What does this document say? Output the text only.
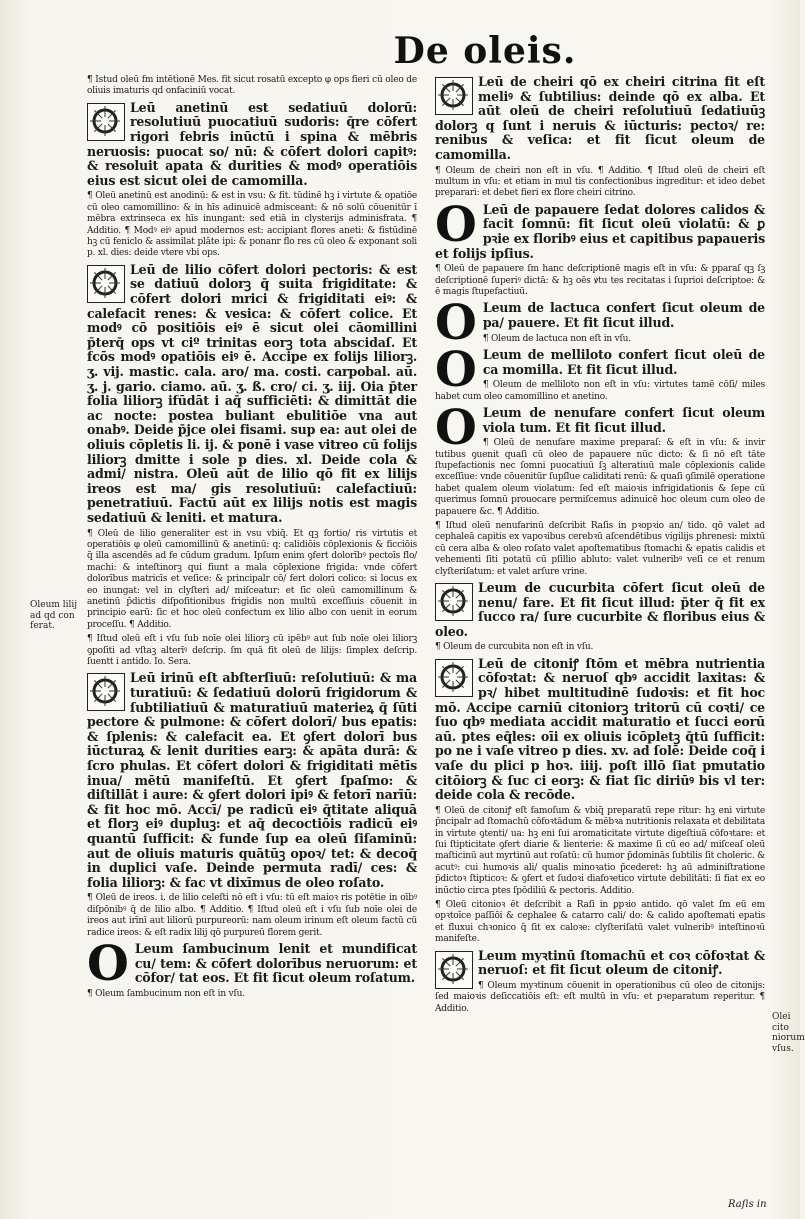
De oleis.

¶ Istud oleū fm intētionē Mes. fit sicut rosatū excepto φ ops fieri cū oleo de oliuis imaturis qd onfaciniū vocat.

Leū anetinū est sedatiuū dolorū: resolutiuū puocatiuū sudoris: q̄re cōfert rigori febris inūctū i spina & mēbris neruosis: puocat so/ nū: & cōfert dolori capitꝰ: & resoluit apata & durities & modꝰ operatiōis eius est sicut olei de camomilla.

¶ Oleū anetinū est anodinū: & est in vsu: & fit. tūdinē hꝫ i virtute & opatiōe cū oleo camomillino: & in hīs adinuicē admisceant: & nō solū cōuenitūr ī mēbra extrinseca ex hīs inungant: sed etiā in clysterijs adminisfrata. ¶ Additio. ¶ Modꝰ eiꝰ apud modernos est: accipiant flores aneti: & fistūdinē hꝫ cū feniclo & assimilat plāte ipi: & ponanr flo res cū oleo & exponant soli p. xl. dies: deide vtere vbi ops.

Leū de lilio cōfert dolori pectoris: & est se datiuū dolorꝫ q̄ suita frigiditate: & cōfert dolori mrici & frigiditati eiꝰ: & calefacit renes: & vesica: & cōfert colice. Et modꝰ cō positiōis eiꝰ ē sicut olei cāomillini p̄terq̄ ops vt ciº trinitas eorꝫ tota abscidaſ. Et fcōs modꝰ opatiōis eiꝰ ē. Accipe ex folijs liliorꝫ. ʒ. vij. mastic. cala. aro/ ma. costi. carpobal. aū. ʒ. j. gario. ciamo. aū. ʒ. ß. cro/ ci. ʒ. iij. Oia p̄ter folia liliorꝫ ifūdāt i aq̄ sufficiēti: & dimittāt die ac nocte: postea buliant ebulitiōe vna aut onabꝰ. Deide p̄jce olei fisami. sup ea: aut olei de oliuis cōpletis li. ij. & ponē i vase vitreo cū folijs liliorꝫ dmitte i sole p dies. xl. Deide cola & admi/ nistra. Oleū aūt de lilio qō fit ex lilijs ireos est ma/ gis resolutiuū: calefactiuū: penetratiuū. Factū aūt ex lilijs notis est magis sedatiuū & leniti. et matura.

¶ Oleū de lilio generaliter est in vsu vbiq̄. Et qꝫ fortio/ ris virtutis et operatiōis φ oleū camomillinū & anetinū: q: calidiōis cōplexionis & ficciōis q̄ illa ascendēs ad fe cūdum gradum. Ipſum enim ꝯfert dolorībꝰ pectoīs flo/ machi: & inteſtinorꝫ qui fiunt a mala cōplexione frigida: vnde cōfert dolorībus matricīs et veſice: & principalr cō/ fert dolori colico: si locus ex eo inungat: vel in clyſteri ad/ miſceatur: et ſic oleū camomillinum & anetinū p̄dictis diſpoſitionibus frigidis non multū exceſſiuis cōuenit in principio earū: ſic et hoc oleū confectum ex lilio albo con uenit in eorum proceſſu. ¶ Additio.

¶ Iſtud oleū eſt i vſu ſub noīe olei liliorꝫ cū ipēbꝰ aut ſub noīe olei liliorꝫ ꝯpoſiti ad vſtaꝫ alterīꝰ deſcrip. ſm quā fit oleū de lilijs: ſimplex deſcrip. ſuentt i antido. Io. Sera.

Leū irinū eſt abſterſiuū: reſolutiuū: & ma turatiuū: & ſedatiuū dolorū frigidorum & ſubtiliatiuū & maturatiuū materieꝝ q̄ ſūti pectore & pulmone: & cōfert dolorī/ bus epatis: & ſplenis: & calefacit ea. Et ꝯfert dolorī bus iūcturaꝝ & lenit durities earꝫ: & apāta durā: & ſcro phulas. Et cōfert dolori & frigiditati mētīs inua/ mētū manifeſtū. Et ꝯfert ſpaſmo: & diſtillāt i aure: & ꝯfert dolori ipiꝰ & fetorī narīū: & fit hoc mō. Accī/ pe radicū eiꝰ q̄titate aliquā et florꝫ eiꝰ dupluꝫ: et aq̄ decoctiōis radicū eiꝰ quantū ſufficit: & funde ſup ea oleū ſiſaminū: aut de oliuis maturis quātūꝫ opoꝛ/ tet: & decoq̄ in duplici vaſe. Deinde permuta radī/ ces: & folia liliorꝫ: & fac vt dixīmus de oleo roſato.

¶ Oleū de ireos. i. de lilio celeſti nō eſt i vſu: tū eſt maioꝛ ris potētie in oībꝰ diſpōnibꝰ q̄ de lilio albo. ¶ Additio. ¶ Iſtud oleū eſt i vſu ſub noīe olei de ireos aut irīnī aut liliorū purpureorū: nam oleum irinum eſt oleum factū cū radice ireos: & eſt radix lilij qō purpureū florem gerit.

O Leum ſambucinum lenit et mundificat cu/ tem: & cōfert dolorībus neruorum: et cōfor/ tat eos. Et fit ſicut oleum roſatum.

¶ Oleum ſambucinum non eſt in vſu.

Leū de cheiri qō ex cheiri citrina fit eſt meliꝰ & ſubtilius: deinde qō ex alba. Et aūt oleū de cheiri reſolutiuū ſedatiuūꝫ dolorꝫ q ſunt i neruis & iūcturis: pectoꝛ/ re: renibus & veſica: et fit ſicut oleum de camomilla.

¶ Oleum de cheiri non eſt in vſu. ¶ Additio. ¶ Iſtud oleū de cheiri eſt multum in vſu: et etiam in mul tis confectionibus ingreditur: et ideo debet preparari: et debet fieri ex flore cheiri citrino.

O Leū de papauere ſedat dolores calidos & facit ſomnū: fit ſicut oleū violatū: & ꝑ pꝛie ex floribꝰ eius et capitibus papaueris et folijs ipſius.

¶ Oleū de papauere ſm hanc deſcriptionē magis eſt in vſu: & pparaſ qꝫ ſꝫ deſcriptionē ſuperiꝰ dictā: & hꝫ oēs ꝟtu tes recitatas i ſuprioi deſcriptoe: & ē magis ſtupefactiuū.

O Leum de lactuca confert ſicut oleum de pa/ pauere. Et fit ſicut illud.

¶ Oleum de lactuca non eſt in vſu.

O Leum de melliloto confert ſicut oleū de ca momilla. Et fit ſicut illud.

¶ Oleum de melliloto non eſt in vſu: virtutes tamē cōſi/ miles habet cum oleo camomillino et anetino.

O Leum de nenufare confert ſicut oleum viola tum. Et fit ſicut illud.

¶ Oleū de nenufare maxime preparaſ: & eſt in vſu: & invir tutibus ꝯuenit quaſi cū oleo de papauere nūc dicto: & ſi nō eſt tāte ſtupefactionis nec ſomni puocatiuū ſꝫ alteratiuū male cōplexionis calide exceſſiue: vnde cōuenitūr ſupſlue caliditati renū: & quaſi ꝯſimilē operatione habet qualem oleum violatum: ſed eſt maioꝛis infrigidationis & ſepe cū querimus ſomnū prouocare permiſcemus adinuicē hoc oleum cum oleo de papauere &c. ¶ Additio.

¶ Iſtud oleū nenufarinū deſcribit Raſis in pꝛopꝛio an/ tido. qō valet ad cephaleā capitis ex vapoꝛibus cerebꝛū aſcendētibus vigilijs phrenesi: mixtū cū cera alba & oleo roſato valet apoſtematibus ſtomachi & epatis calidis et vehementi ſiti potatū cū pſillio abluto: valet vulneribꝰ veſi ce et renum clyſteriſatum: et valet arſure vrine.

Leum de cucurbita cōfert ſicut oleū de nenu/ fare. Et fit ſicut illud: p̄ter q̄ fit ex ſucco ra/ ſure cucurbite & floribus eius & oleo.

¶ Oleum de curcubita non eſt in vſu.

Leū de citoniꝭ ſtōm et mēbra nutrientia cōfoꝛtat: & neruoſ qbꝰ accidit laxitas: & pꝛ/ hibet multitudinē ſudoꝛis: et fit hoc mō. Accipe carniū citoniorꝫ tritorū cū coꝛti/ ce ſuo qbꝰ mediata accidit maturatio et ſucci eorū aū. ptes eq̄les: oīi ex oliuis icōpletꝫ q̄tū ſufficit: po ne i vaſe vitreo p dies. xv. ad ſolē: Deide coq̄ i vaſe du plici p hoꝛ. iiij. poſt illō ſiat pmutatio citōiorꝫ & ſuc ci eorꝫ: & fiat ſic diriūꝰ bis vl ter: deide cola & recōde.

¶ Oleū de citoniꝭ eſt famoſum & vbiq̄ preparatū repe ritur: hꝫ eni virtute p̄ncipalr ad ſtomachū cōfoꝛtādum & mēbꝛa nutritionis relaxata et debilitata in virtute ꝯtenti/ ua: hꝫ eni ſui aromaticitate virtute digeſtiuā cōfoꝛtare: et ſui ſtipticitate ꝯfert diarie & lienterie: & maxime ſi cū eo ad/ miſceaſ oleū maſticinū aut myrtinū aut roſatū: cū humor p̄dominās ſubtilis ſit choleric. & acutꝰ: cui humoꝛis ali/ qualis minoꝛatio p̄cederet: hꝫ aū adminiſtratione p̄dictoꝛ ſtipticoꝛ: & ꝯfert et ſudoꝛi diafoꝛetico virtute debilitāti: ſi fiat ex eo inūctio circa ptes ſpōdiliū & pectoris. Additio.

¶ Oleū citonioꝛ ēt deſcribit a Raſi in ꝑpꝛio antido. qō valet ſm eū em opꝛtoīce paſſiōi & cephalee & catarro cali/ do: & calido apoſtemati epatis et fluxui chꝛonico q̄ ſit ex caloꝛe: clyſteriſatū valet vulneribꝰ inteſtinoꝛū manifeſte.

Leum myꝛtinū ſtomachū et coꝛ cōfoꝛtat & neruoſ: et fit ſicut oleum de citoniꝭ.

¶ Oleum myꝛtinum cōuenit in operationibus cū oleo de citonijs: ſed maioꝛis deſiccatiōis eſt: eſt multū in vſu: et pꝛeparatum reperitur. ¶ Additio.

Oleum lilij ad qd con ferat.
Olei cito niorum vſus.
Raſis in
